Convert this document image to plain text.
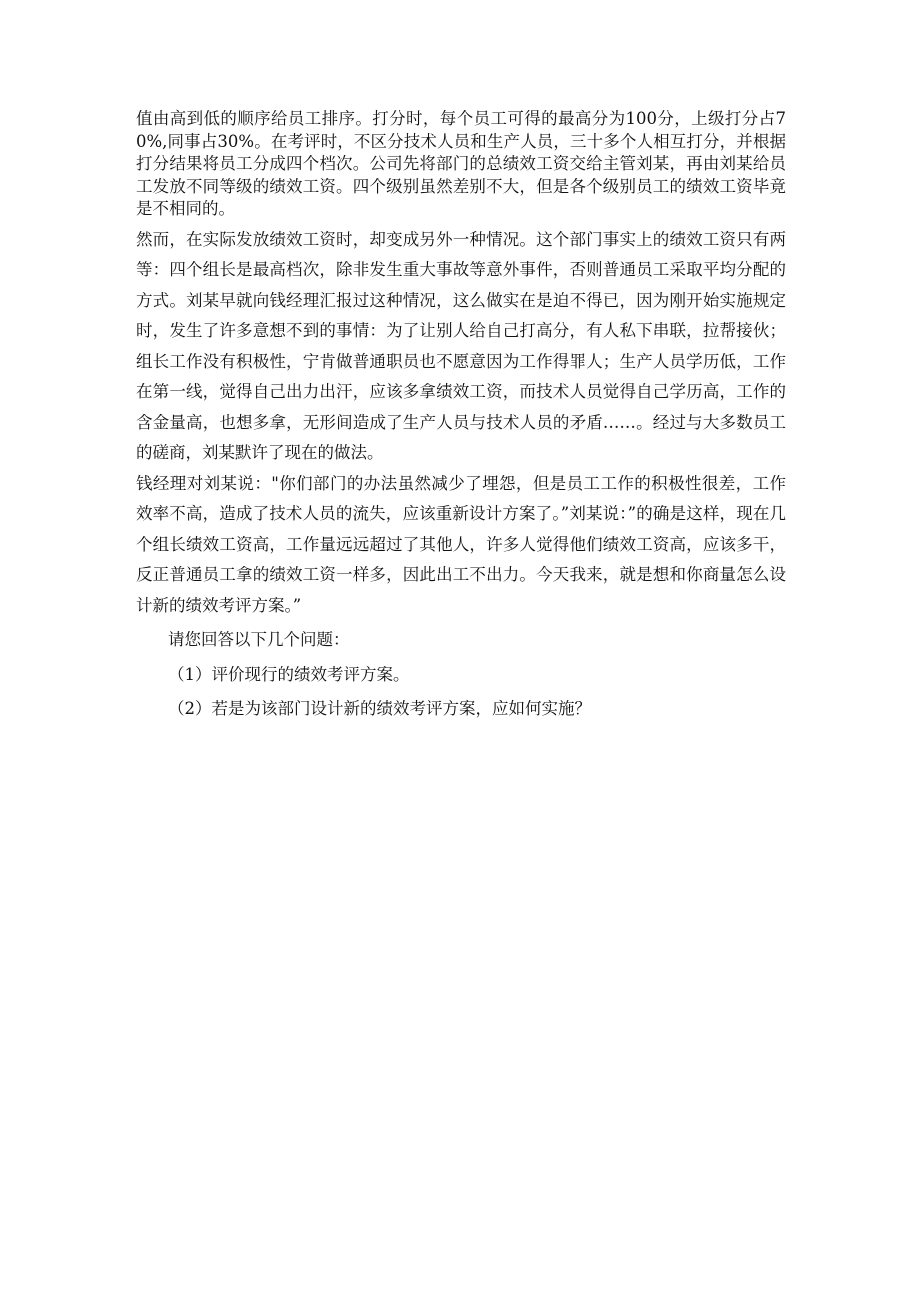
值由高到低的顺序给员工排序。打分时，每个员工可得的最高分为100分，上级打分占70%,同事占30%。在考评时，不区分技术人员和生产人员，三十多个人相互打分，并根据打分结果将员工分成四个档次。公司先将部门的总绩效工资交给主管刘某，再由刘某给员工发放不同等级的绩效工资。四个级别虽然差别不大，但是各个级别员工的绩效工资毕竟是不相同的。

然而，在实际发放绩效工资时，却变成另外一种情况。这个部门事实上的绩效工资只有两等：四个组长是最高档次，除非发生重大事故等意外事件，否则普通员工采取平均分配的方式。刘某早就向钱经理汇报过这种情况，这么做实在是迫不得已，因为刚开始实施规定时，发生了许多意想不到的事情：为了让别人给自己打高分，有人私下串联，拉帮接伙；组长工作没有积极性，宁肯做普通职员也不愿意因为工作得罪人；生产人员学历低，工作在第一线，觉得自己出力出汗，应该多拿绩效工资，而技术人员觉得自己学历高，工作的含金量高，也想多拿，无形间造成了生产人员与技术人员的矛盾……。经过与大多数员工的磋商，刘某默许了现在的做法。

钱经理对刘某说："你们部门的办法虽然减少了埋怨，但是员工工作的积极性很差，工作效率不高，造成了技术人员的流失，应该重新设计方案了。”刘某说：”的确是这样，现在几个组长绩效工资高，工作量远远超过了其他人，许多人觉得他们绩效工资高，应该多干，反正普通员工拿的绩效工资一样多，因此出工不出力。今天我来，就是想和你商量怎么设计新的绩效考评方案。”

请您回答以下几个问题：

（1）评价现行的绩效考评方案。

（2）若是为该部门设计新的绩效考评方案，应如何实施？
